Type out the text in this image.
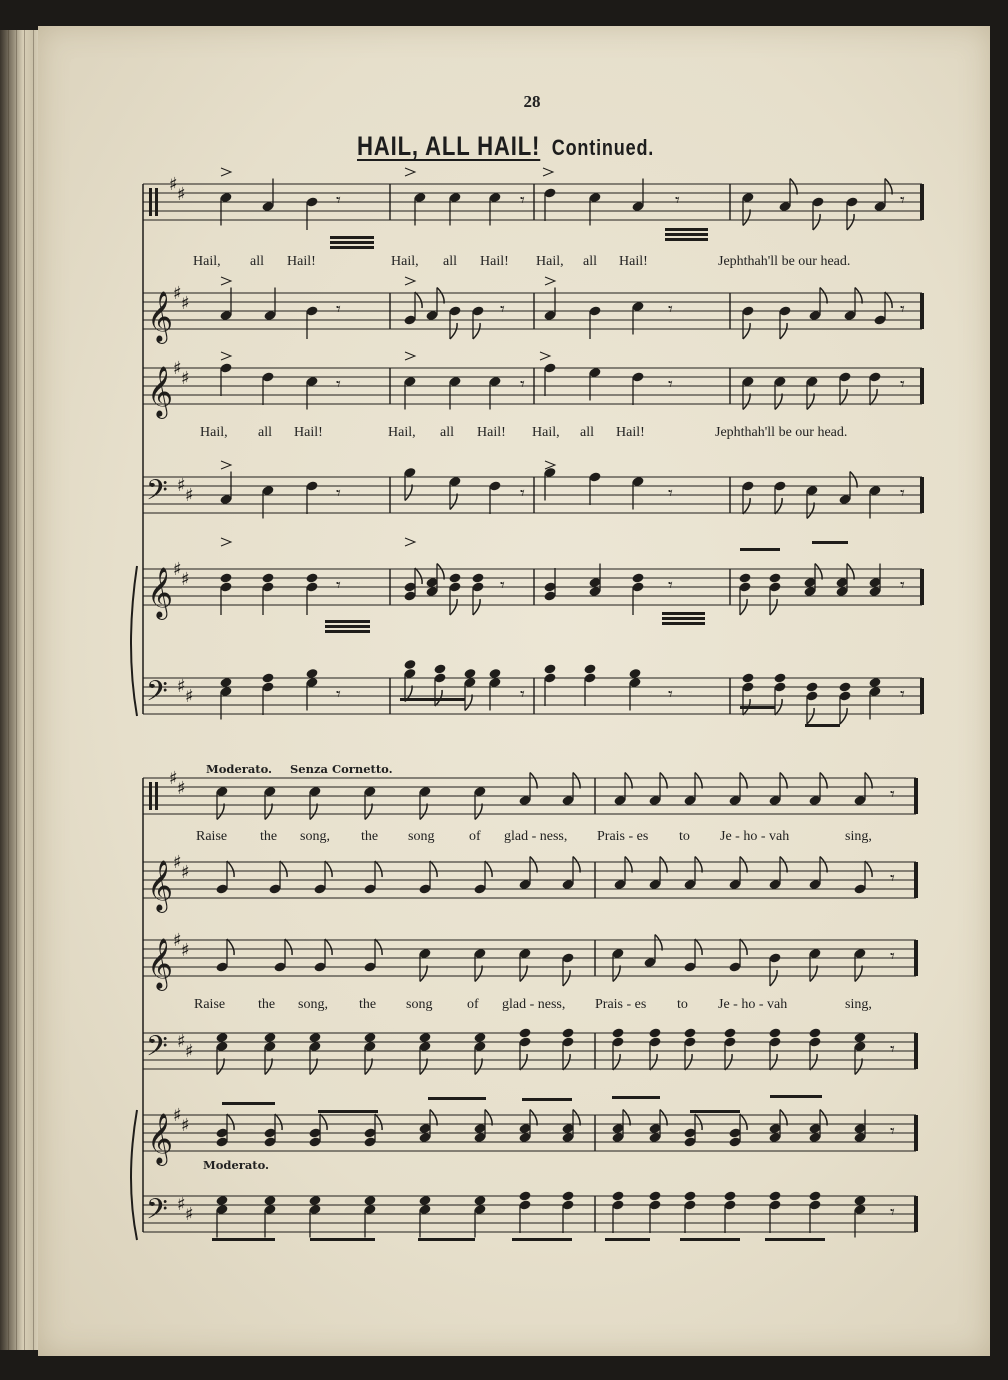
28
HAIL, ALL HAIL! Continued.
♯ ♯	𝄾	𝄾	𝄾	𝄾
𝄞 ♯ ♯	𝄾	𝄾	𝄾	𝄾
𝄞 ♯ ♯	𝄾	𝄾	𝄾	𝄾
𝄢 ♯ ♯	𝄾	𝄾	𝄾	𝄾
𝄞 ♯ ♯	𝄾	𝄾	𝄾	𝄾
𝄢 ♯ ♯	𝄾	𝄾	𝄾	𝄾
♯ ♯	𝄾
𝄞 ♯ ♯	𝄾
𝄞 ♯ ♯	𝄾
𝄢 ♯ ♯	𝄾
𝄞 ♯ ♯	𝄾
𝄢 ♯ ♯	𝄾
Moderato. Senza Cornetto.
Moderato.
Hail, all Hail!	Hail, all Hail! Hail, all Hail!	Jephthah'll be our head.
Hail, all Hail!	Hail, all Hail! Hail, all Hail!	Jephthah'll be our head.
Raise the song, the song of glad - ness, Prais - es to Je - ho - vah	sing,
Raise the song, the song of glad - ness, Prais - es to Je - ho - vah	sing,
